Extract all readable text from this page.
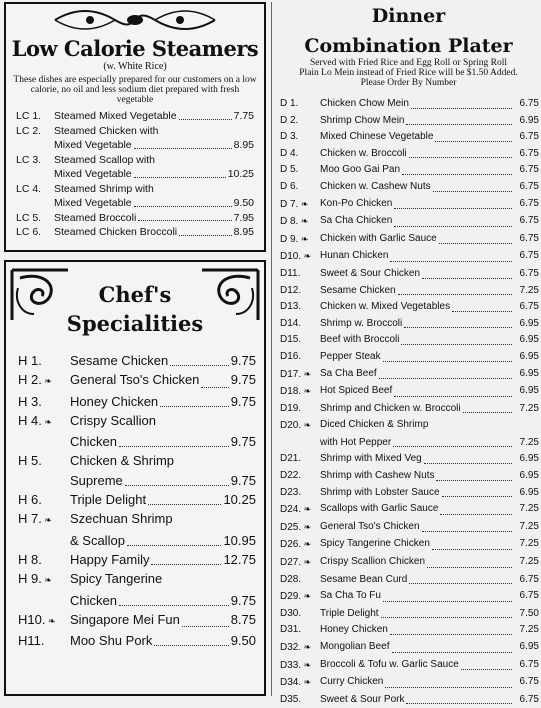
Low Calorie Steamers
(w. White Rice)
These dishes are especially prepared for our customers on a low calorie, no oil and less sodium diet prepared with fresh vegetable
LC 1.	Steamed Mixed Vegetable	7.75
LC 2.	Steamed Chicken with
Mixed Vegetable	8.95
LC 3.	Steamed Scallop with
Mixed Vegetable	10.25
LC 4.	Steamed Shrimp with
Mixed Vegetable	9.50
LC 5.	Steamed Broccoli	7.95
LC 6.	Steamed Chicken Broccoli	8.95
Chef's
Specialities
H 1.	Sesame Chicken	9.75
H 2. ❧	General Tso's Chicken 9.75
H 3.	Honey Chicken	9.75
H 4. ❧	Crispy Scallion
Chicken	9.75
H 5.	Chicken & Shrimp
Supreme	9.75
H 6.	Triple Delight	10.25
H 7. ❧	Szechuan Shrimp
& Scallop	10.95
H 8.	Happy Family	12.75
H 9. ❧	Spicy Tangerine
Chicken	9.75
H10. ❧	Singapore Mei Fun	8.75
H11.	Moo Shu Pork	9.50
Dinner
Combination Plater
Served with Fried Rice and Egg Roll or Spring Roll
Plain Lo Mein instead of Fried Rice will be $1.50 Added.
Please Order By Number
D 1.	Chicken Chow Mein	6.75
D 2.	Shrimp Chow Mein	6.95
D 3.	Mixed Chinese Vegetable	6.75
D 4.	Chicken w. Broccoli	6.75
D 5.	Moo Goo Gai Pan	6.75
D 6.	Chicken w. Cashew Nuts	6.75
D 7. ❧	Kon-Po Chicken	6.75
D 8. ❧	Sa Cha Chicken	6.75
D 9. ❧	Chicken with Garlic Sauce	6.75
D10. ❧ Hunan Chicken	6.75
D11.	Sweet & Sour Chicken	6.75
D12.	Sesame Chicken	7.25
D13.	Chicken w. Mixed Vegetables	6.75
D14.	Shrimp w. Broccoli	6.95
D15.	Beef with Broccoli	6.95
D16.	Pepper Steak	6.95
D17. ❧ Sa Cha Beef	6.95
D18. ❧ Hot Spiced Beef	6.95
D19.	Shrimp and Chicken w. Broccoli	7.25
D20. ❧ Diced Chicken & Shrimp
with Hot Pepper	7.25
D21.	Shrimp with Mixed Veg	6.95
D22.	Shrimp with Cashew Nuts	6.95
D23.	Shrimp with Lobster Sauce	6.95
D24. ❧ Scallops with Garlic Sauce	7.25
D25. ❧ General Tso's Chicken	7.25
D26. ❧ Spicy Tangerine Chicken	7.25
D27. ❧ Crispy Scallion Chicken	7.25
D28.	Sesame Bean Curd	6.75
D29. ❧ Sa Cha To Fu	6.75
D30.	Triple Delight	7.50
D31.	Honey Chicken	7.25
D32. ❧ Mongolian Beef	6.95
D33. ❧ Broccoli & Tofu w. Garlic Sauce	6.75
D34. ❧ Curry Chicken	6.75
D35.	Sweet & Sour Pork	6.75
